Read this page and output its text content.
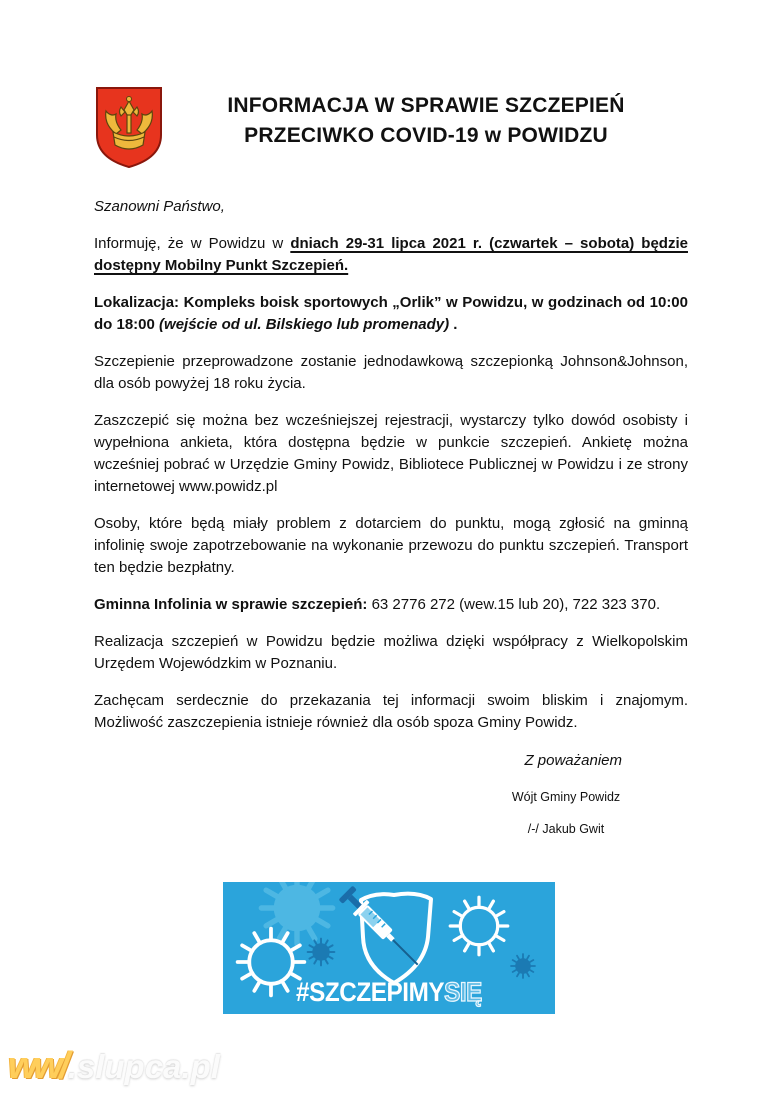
INFORMACJA W SPRAWIE SZCZEPIEŃ
PRZECIWKO COVID-19 w POWIDZU

Szanowni Państwo,

Informuję, że w Powidzu w dniach 29-31 lipca 2021 r. (czwartek – sobota) będzie dostępny Mobilny Punkt Szczepień.

Lokalizacja: Kompleks boisk sportowych „Orlik” w Powidzu, w godzinach od 10:00 do 18:00 (wejście od ul. Bilskiego lub promenady) .

Szczepienie przeprowadzone zostanie jednodawkową szczepionką Johnson&Johnson, dla osób powyżej 18 roku życia.

Zaszczepić się można bez wcześniejszej rejestracji, wystarczy tylko dowód osobisty i wypełniona ankieta, która dostępna będzie w punkcie szczepień. Ankietę można wcześniej pobrać w Urzędzie Gminy Powidz, Bibliotece Publicznej w Powidzu i ze strony internetowej www.powidz.pl

Osoby, które będą miały problem z dotarciem do punktu, mogą zgłosić na gminną infolinię swoje zapotrzebowanie na wykonanie przewozu do punktu szczepień. Transport ten będzie bezpłatny.

Gminna Infolinia w sprawie szczepień: 63 2776 272 (wew.15 lub 20), 722 323 370.

Realizacja szczepień w Powidzu będzie możliwa dzięki współpracy z Wielkopolskim Urzędem Wojewódzkim w Poznaniu.

Zachęcam serdecznie do przekazania tej informacji swoim bliskim i znajomym. Możliwość zaszczepienia istnieje również dla osób spoza Gminy Powidz.

Z poważaniem

Wójt Gminy Powidz
/-/ Jakub Gwit
#SZCZEPIMYSIĘ
ww/.slupca.pl
